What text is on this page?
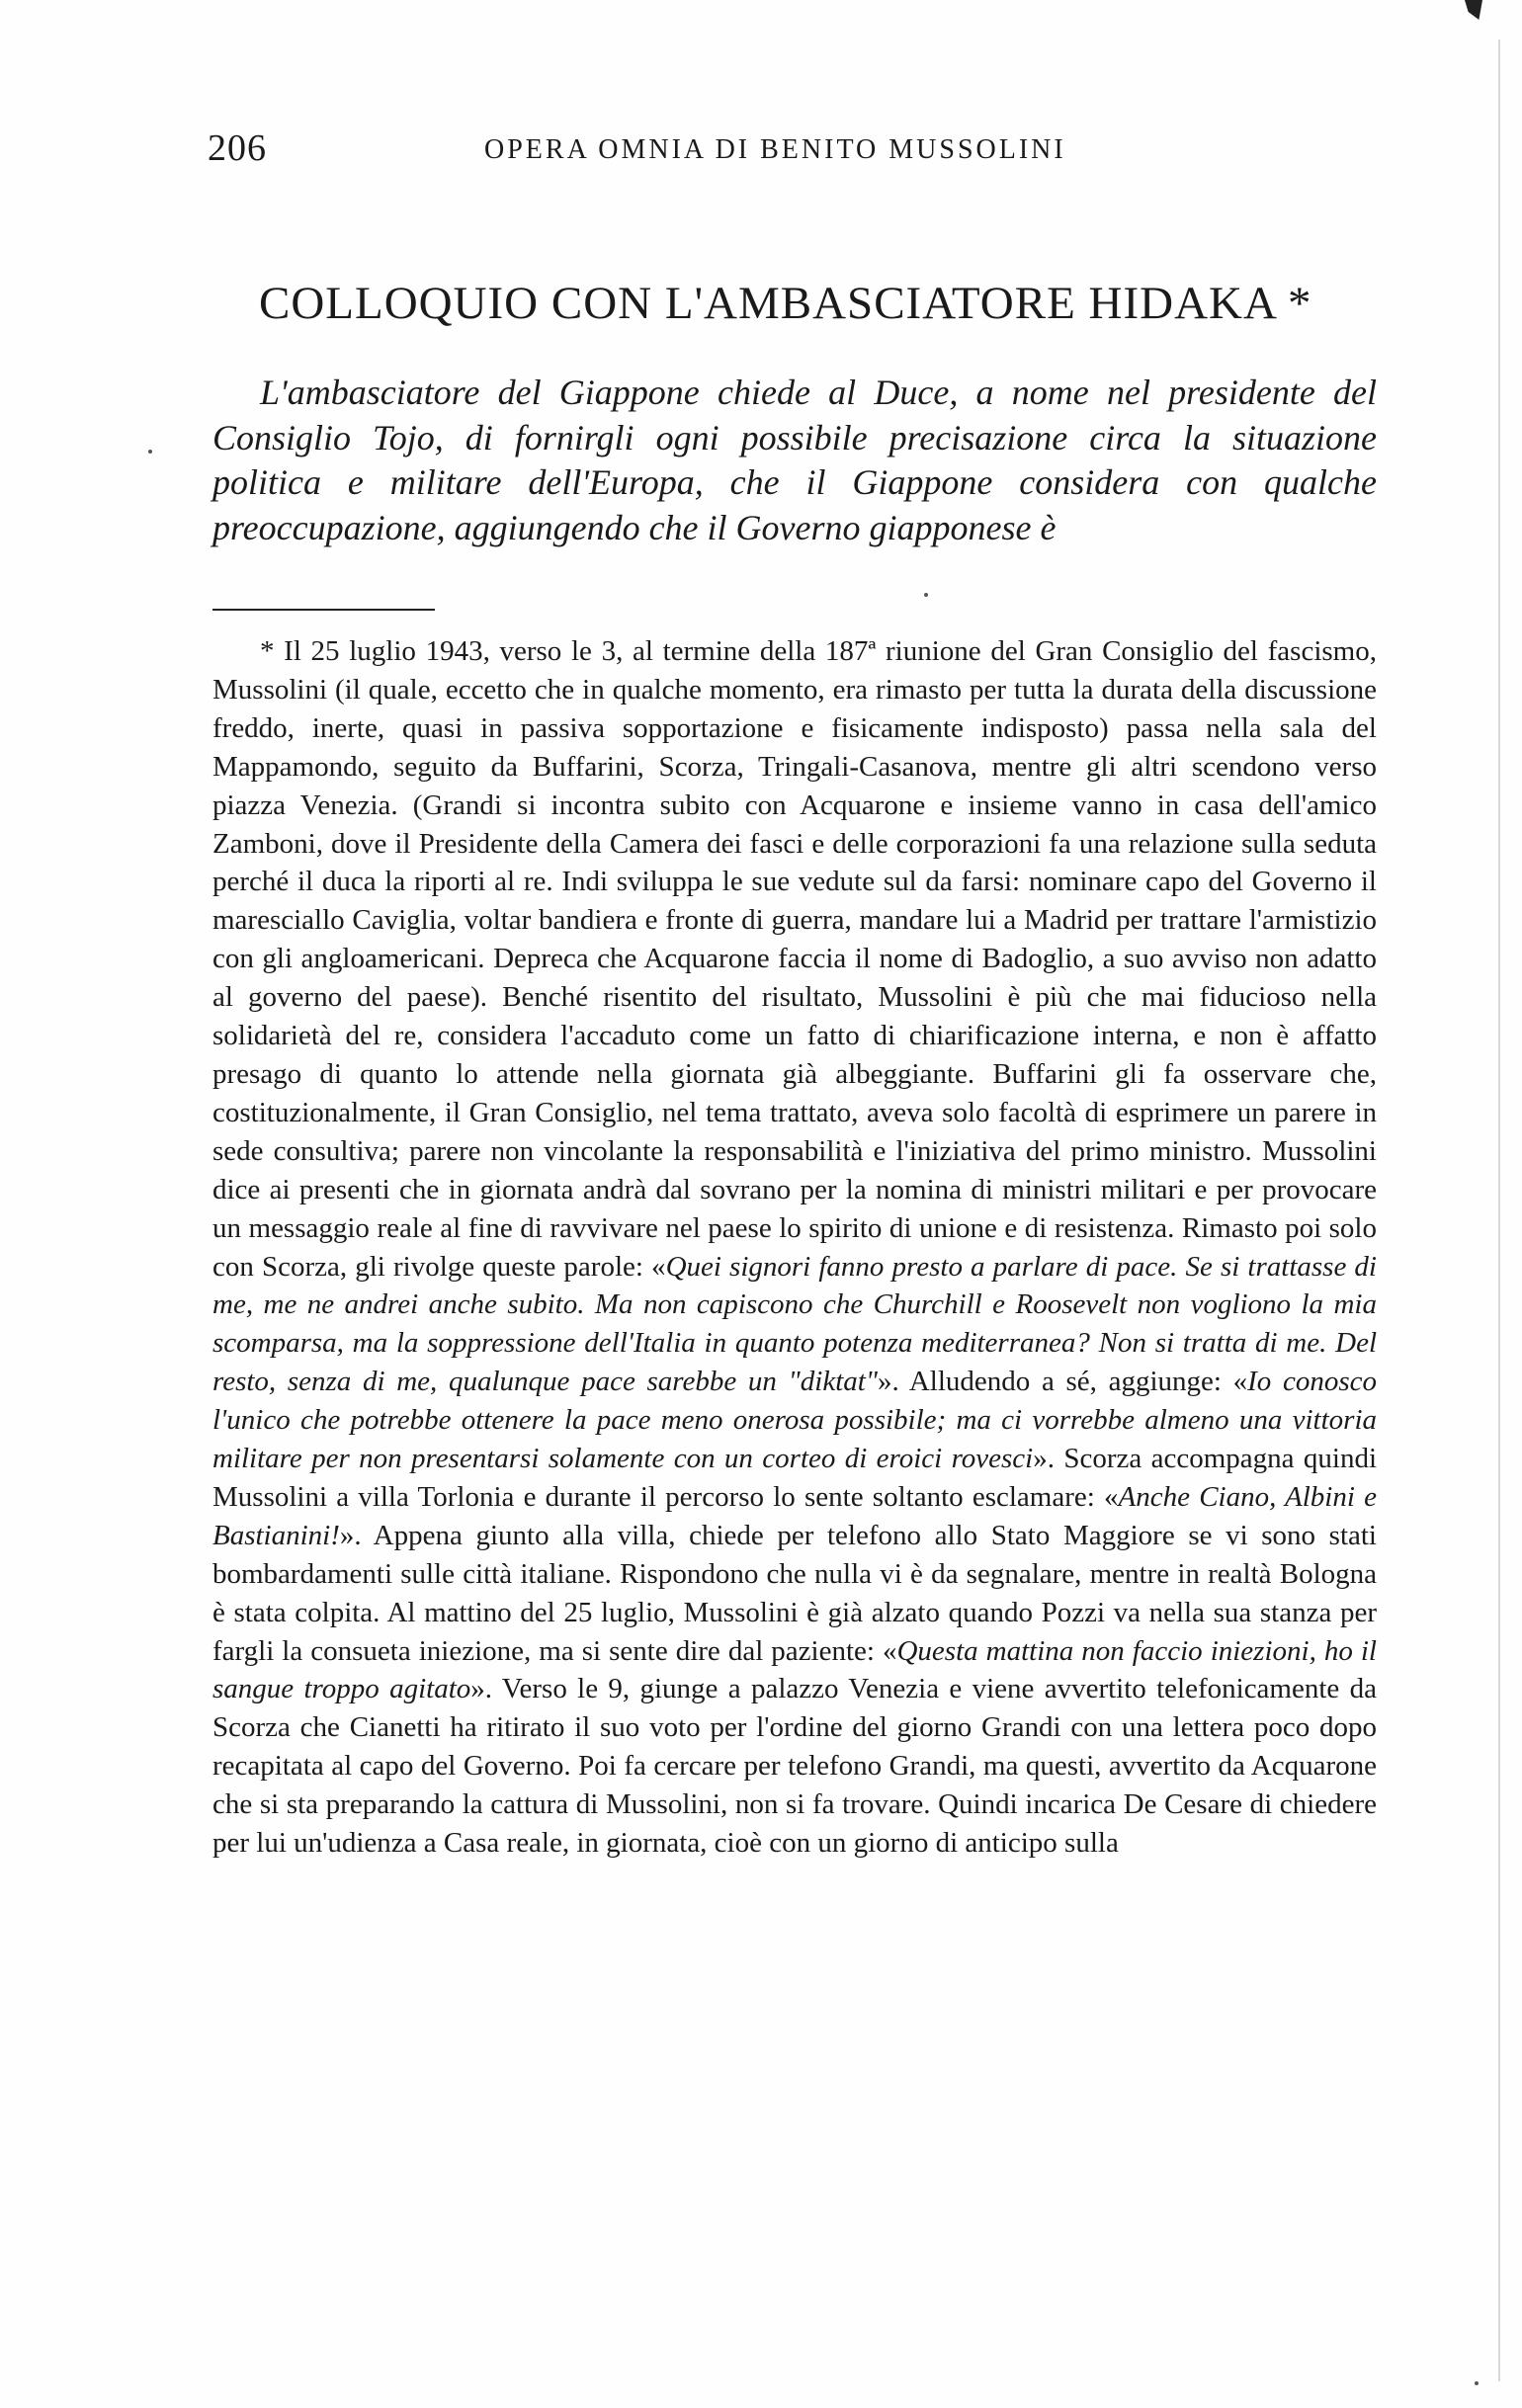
206	OPERA OMNIA DI BENITO MUSSOLINI
COLLOQUIO CON L'AMBASCIATORE HIDAKA *

L'ambasciatore del Giappone chiede al Duce, a nome nel presidente del Consiglio Tojo, di fornirgli ogni possibile precisazione circa la situazione politica e militare dell'Europa, che il Giappone considera con qualche preoccupazione, aggiungendo che il Governo giapponese è

* Il 25 luglio 1943, verso le 3, al termine della 187ª riunione del Gran Consiglio del fascismo, Mussolini (il quale, eccetto che in qualche momento, era rimasto per tutta la durata della discussione freddo, inerte, quasi in passiva sopportazione e fisicamente indisposto) passa nella sala del Mappamondo, seguito da Buffarini, Scorza, Tringali-Casanova, mentre gli altri scendono verso piazza Venezia. (Grandi si incontra subito con Acquarone e insieme vanno in casa dell'amico Zamboni, dove il Presidente della Camera dei fasci e delle corporazioni fa una relazione sulla seduta perché il duca la riporti al re. Indi sviluppa le sue vedute sul da farsi: nominare capo del Governo il maresciallo Caviglia, voltar bandiera e fronte di guerra, mandare lui a Madrid per trattare l'armistizio con gli angloamericani. Depreca che Acquarone faccia il nome di Badoglio, a suo avviso non adatto al governo del paese). Benché risentito del risultato, Mussolini è più che mai fiducioso nella solidarietà del re, considera l'accaduto come un fatto di chiarificazione interna, e non è affatto presago di quanto lo attende nella giornata già albeggiante. Buffarini gli fa osservare che, costituzionalmente, il Gran Consiglio, nel tema trattato, aveva solo facoltà di esprimere un parere in sede consultiva; parere non vincolante la responsabilità e l'iniziativa del primo ministro. Mussolini dice ai presenti che in giornata andrà dal sovrano per la nomina di ministri militari e per provocare un messaggio reale al fine di ravvivare nel paese lo spirito di unione e di resistenza. Rimasto poi solo con Scorza, gli rivolge queste parole: «Quei signori fanno presto a parlare di pace. Se si trattasse di me, me ne andrei anche subito. Ma non capiscono che Churchill e Roosevelt non vogliono la mia scomparsa, ma la soppressione dell'Italia in quanto potenza mediterranea? Non si tratta di me. Del resto, senza di me, qualunque pace sarebbe un "diktat"». Alludendo a sé, aggiunge: «Io conosco l'unico che potrebbe ottenere la pace meno onerosa possibile; ma ci vorrebbe almeno una vittoria militare per non presentarsi solamente con un corteo di eroici rovesci». Scorza accompagna quindi Mussolini a villa Torlonia e durante il percorso lo sente soltanto esclamare: «Anche Ciano, Albini e Bastianini!». Appena giunto alla villa, chiede per telefono allo Stato Maggiore se vi sono stati bombardamenti sulle città italiane. Rispondono che nulla vi è da segnalare, mentre in realtà Bologna è stata colpita. Al mattino del 25 luglio, Mussolini è già alzato quando Pozzi va nella sua stanza per fargli la consueta iniezione, ma si sente dire dal paziente: «Questa mattina non faccio iniezioni, ho il sangue troppo agitato». Verso le 9, giunge a palazzo Venezia e viene avvertito telefonicamente da Scorza che Cianetti ha ritirato il suo voto per l'ordine del giorno Grandi con una lettera poco dopo recapitata al capo del Governo. Poi fa cercare per telefono Grandi, ma questi, avvertito da Acquarone che si sta preparando la cattura di Mussolini, non si fa trovare. Quindi incarica De Cesare di chiedere per lui un'udienza a Casa reale, in giornata, cioè con un giorno di anticipo sulla
